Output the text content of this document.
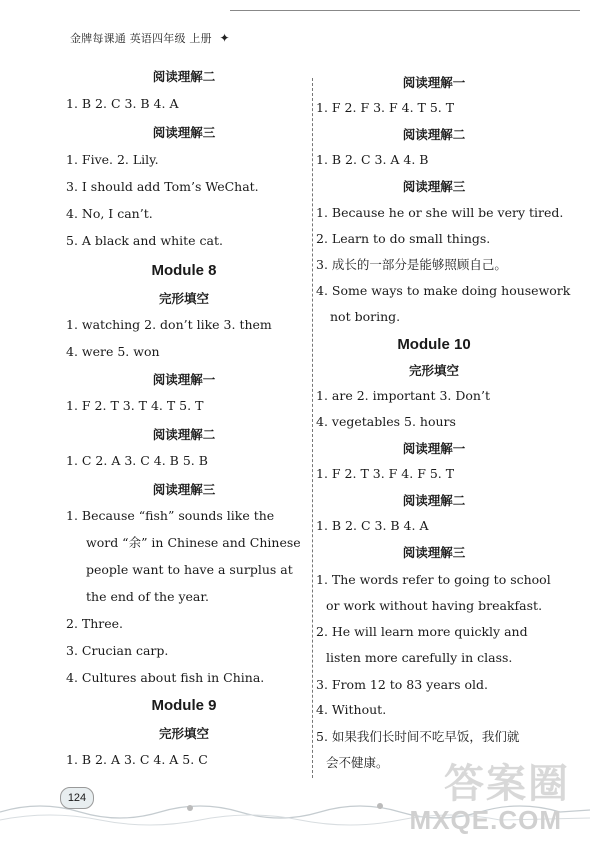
金牌每课通 英语四年级 上册 ✦
阅读理解二
1. B 2. C 3. B 4. A
阅读理解三
1. Five. 2. Lily.
3. I should add Tom’s WeChat.
4. No, I can’t.
5. A black and white cat.
Module 8
完形填空
1. watching 2. don’t like 3. them
4. were 5. won
阅读理解一
1. F 2. T 3. T 4. T 5. T
阅读理解二
1. C 2. A 3. C 4. B 5. B
阅读理解三
1. Because “fish” sounds like the
word “余” in Chinese and Chinese
people want to have a surplus at
the end of the year.
2. Three.
3. Crucian carp.
4. Cultures about fish in China.
Module 9
完形填空
1. B 2. A 3. C 4. A 5. C
阅读理解一
1. F 2. F 3. F 4. T 5. T
阅读理解二
1. B 2. C 3. A 4. B
阅读理解三
1. Because he or she will be very tired.
2. Learn to do small things.
3. 成长的一部分是能够照顾自己。
4. Some ways to make doing housework
not boring.
Module 10
完形填空
1. are 2. important 3. Don’t
4. vegetables 5. hours
阅读理解一
1. F 2. T 3. F 4. F 5. T
阅读理解二
1. B 2. C 3. B 4. A
阅读理解三
1. The words refer to going to school
or work without having breakfast.
2. He will learn more quickly and
listen more carefully in class.
3. From 12 to 83 years old.
4. Without.
5. 如果我们长时间不吃早饭，我们就
会不健康。
124	答案圈
MXQE.COM
